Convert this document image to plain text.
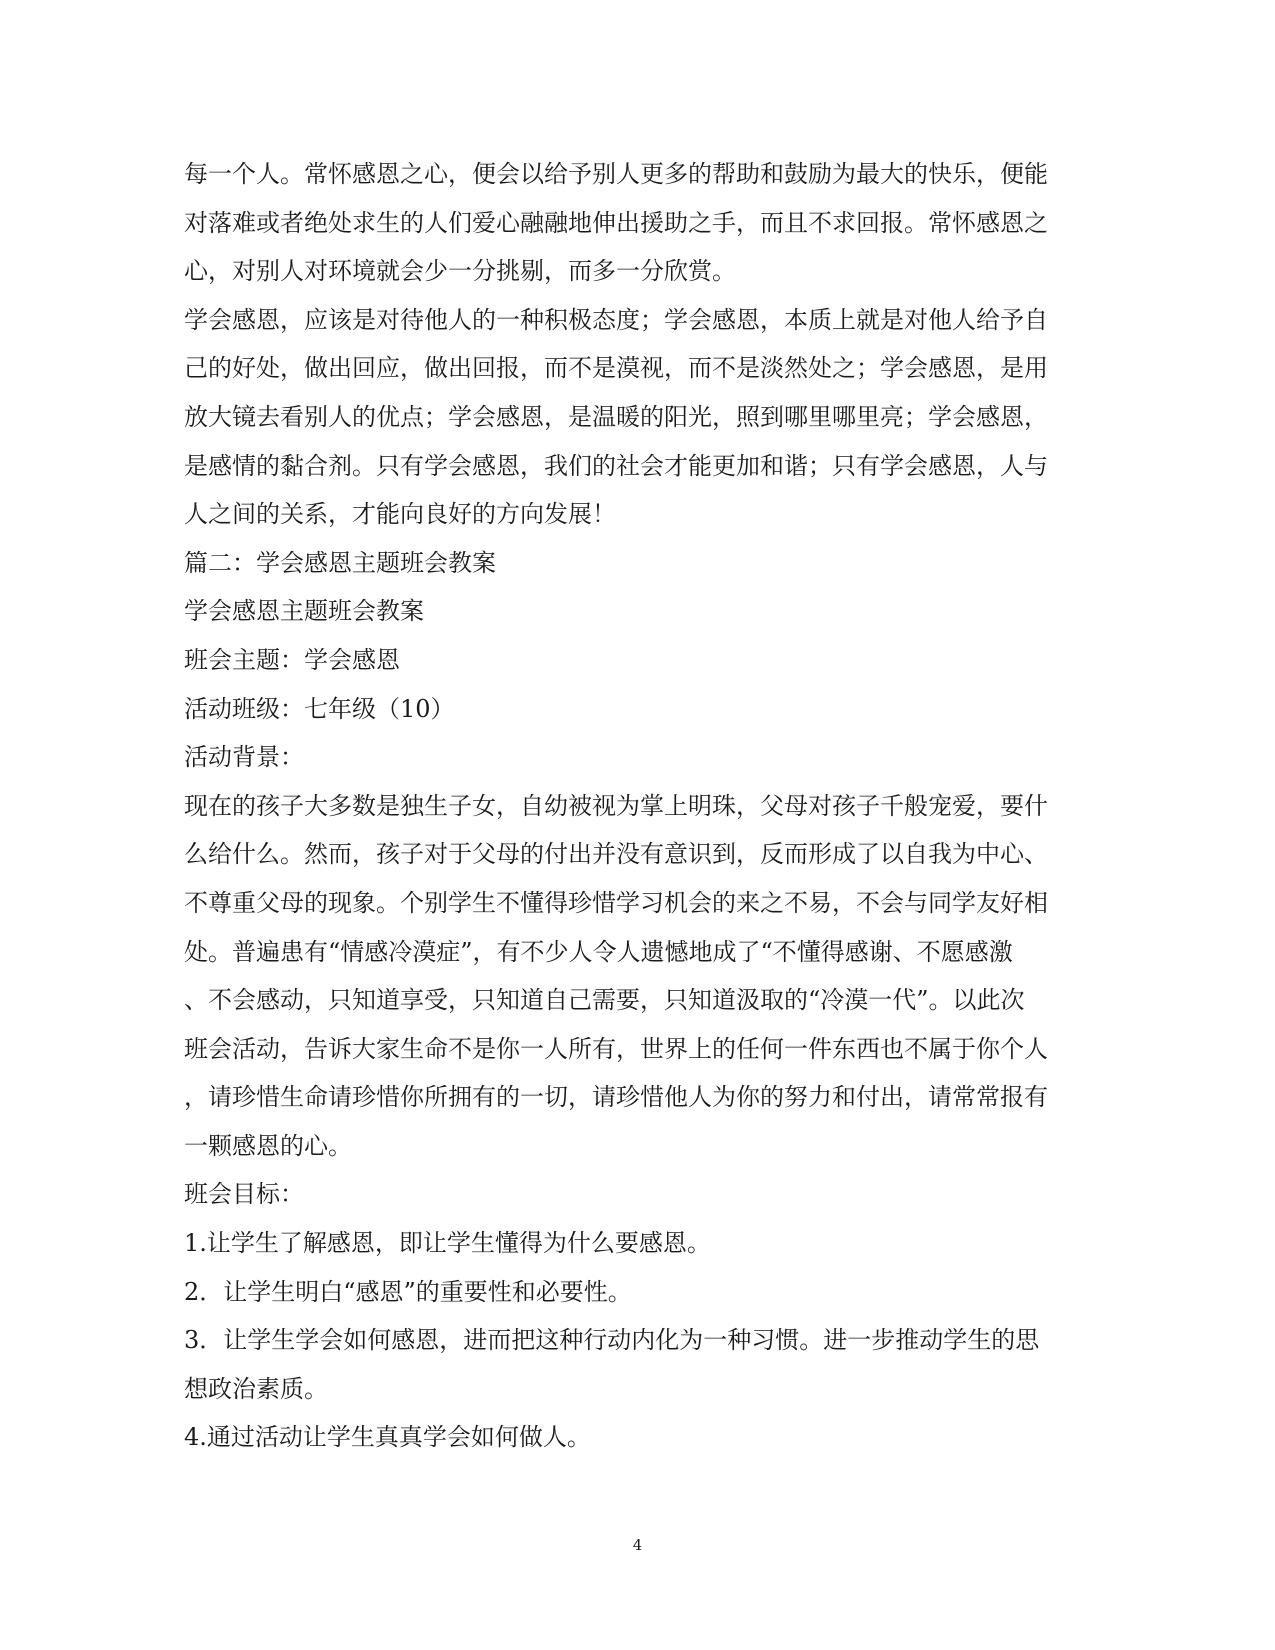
每一个人。常怀感恩之心，便会以给予别人更多的帮助和鼓励为最大的快乐，便能
对落难或者绝处求生的人们爱心融融地伸出援助之手，而且不求回报。常怀感恩之
心，对别人对环境就会少一分挑剔，而多一分欣赏。
学会感恩，应该是对待他人的一种积极态度；学会感恩，本质上就是对他人给予自
己的好处，做出回应，做出回报，而不是漠视，而不是淡然处之；学会感恩，是用
放大镜去看别人的优点；学会感恩，是温暖的阳光，照到哪里哪里亮；学会感恩，
是感情的黏合剂。只有学会感恩，我们的社会才能更加和谐；只有学会感恩，人与
人之间的关系，才能向良好的方向发展！
篇二：学会感恩主题班会教案
学会感恩主题班会教案
班会主题：学会感恩
活动班级：七年级（10）
活动背景：
现在的孩子大多数是独生子女，自幼被视为掌上明珠，父母对孩子千般宠爱，要什
么给什么。然而，孩子对于父母的付出并没有意识到，反而形成了以自我为中心、
不尊重父母的现象。个别学生不懂得珍惜学习机会的来之不易，不会与同学友好相
处。普遍患有“情感冷漠症”，有不少人令人遗憾地成了“不懂得感谢、不愿感激
、不会感动，只知道享受，只知道自己需要，只知道汲取的“冷漠一代”。以此次
班会活动，告诉大家生命不是你一人所有，世界上的任何一件东西也不属于你个人
，请珍惜生命请珍惜你所拥有的一切，请珍惜他人为你的努力和付出，请常常报有
一颗感恩的心。
班会目标：
1.让学生了解感恩，即让学生懂得为什么要感恩。
2．让学生明白“感恩”的重要性和必要性。
3．让学生学会如何感恩，进而把这种行动内化为一种习惯。进一步推动学生的思
想政治素质。
4.通过活动让学生真真学会如何做人。
4
